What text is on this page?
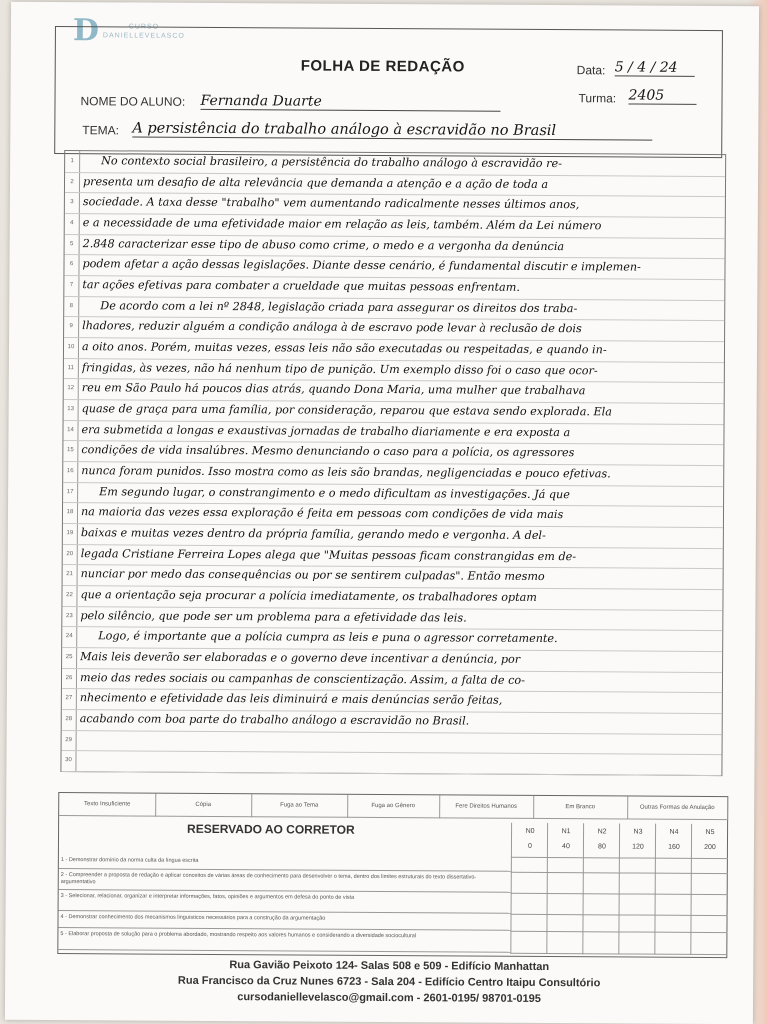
D	CURSO
DANIELLEVELASCO
FOLHA DE REDAÇÃO	Data: 5 / 4 / 24
Turma: 2405
NOME DO ALUNO: Fernanda Duarte
TEMA: A persistência do trabalho análogo à escravidão no Brasil
1	No contexto social brasileiro, a persistência do trabalho análogo à escravidão re-
2 presenta um desafio de alta relevância que demanda a atenção e a ação de toda a
3 sociedade. A taxa desse "trabalho" vem aumentando radicalmente nesses últimos anos,
4 e a necessidade de uma efetividade maior em relação as leis, também. Além da Lei número
5 2.848 caracterizar esse tipo de abuso como crime, o medo e a vergonha da denúncia
6 podem afetar a ação dessas legislações. Diante desse cenário, é fundamental discutir e implemen-
7 tar ações efetivas para combater a crueldade que muitas pessoas enfrentam.
8	De acordo com a lei nº 2848, legislação criada para assegurar os direitos dos traba-
9 lhadores, reduzir alguém a condição análoga à de escravo pode levar à reclusão de dois
10 a oito anos. Porém, muitas vezes, essas leis não são executadas ou respeitadas, e quando in-
11 fringidas, às vezes, não há nenhum tipo de punição. Um exemplo disso foi o caso que ocor-
12 reu em São Paulo há poucos dias atrás, quando Dona Maria, uma mulher que trabalhava
13 quase de graça para uma família, por consideração, reparou que estava sendo explorada. Ela
14 era submetida a longas e exaustivas jornadas de trabalho diariamente e era exposta a
15 condições de vida insalúbres. Mesmo denunciando o caso para a polícia, os agressores
16 nunca foram punidos. Isso mostra como as leis são brandas, negligenciadas e pouco efetivas.
17	Em segundo lugar, o constrangimento e o medo dificultam as investigações. Já que
18 na maioria das vezes essa exploração é feita em pessoas com condições de vida mais
19 baixas e muitas vezes dentro da própria família, gerando medo e vergonha. A del-
20 legada Cristiane Ferreira Lopes alega que "Muitas pessoas ficam constrangidas em de-
21 nunciar por medo das consequências ou por se sentirem culpadas". Então mesmo
22 que a orientação seja procurar a polícia imediatamente, os trabalhadores optam
23 pelo silêncio, que pode ser um problema para a efetividade das leis.
24	Logo, é importante que a polícia cumpra as leis e puna o agressor corretamente.
25 Mais leis deverão ser elaboradas e o governo deve incentivar a denúncia, por
26 meio das redes sociais ou campanhas de conscientização. Assim, a falta de co-
27 nhecimento e efetividade das leis diminuirá e mais denúncias serão feitas,
28 acabando com boa parte do trabalho análogo a escravidão no Brasil.
29
30
Texto Insuficiente	Cópia	Fuga ao Tema	Fuga ao Gênero	Fere Direitos Humanos	Em Branco	Outras Formas de Anulação
RESERVADO AO CORRETOR	N0
0
N1
40
N2
80
N3
120
N4
160
N5
200
1 - Demonstrar domínio da norma culta da língua escrita
2 - Compreender a proposta de redação e aplicar conceitos de várias áreas de conhecimento para desenvolver o tema, dentro dos limites estruturais do texto dissertativo-argumentativo
3 - Selecionar, relacionar, organizar e interpretar informações, fatos, opiniões e argumentos em defesa do ponto de vista
4 - Demonstrar conhecimento dos mecanismos linguísticos necessários para a construção da argumentação
5 - Elaborar proposta de solução para o problema abordado, mostrando respeito aos valores humanos e considerando a diversidade sociocultural
Rua Gavião Peixoto 124- Salas 508 e 509 - Edifício Manhattan
Rua Francisco da Cruz Nunes 6723 - Sala 204 - Edifício Centro Itaipu Consultório
cursodaniellevelasco@gmail.com - 2601-0195/ 98701-0195
